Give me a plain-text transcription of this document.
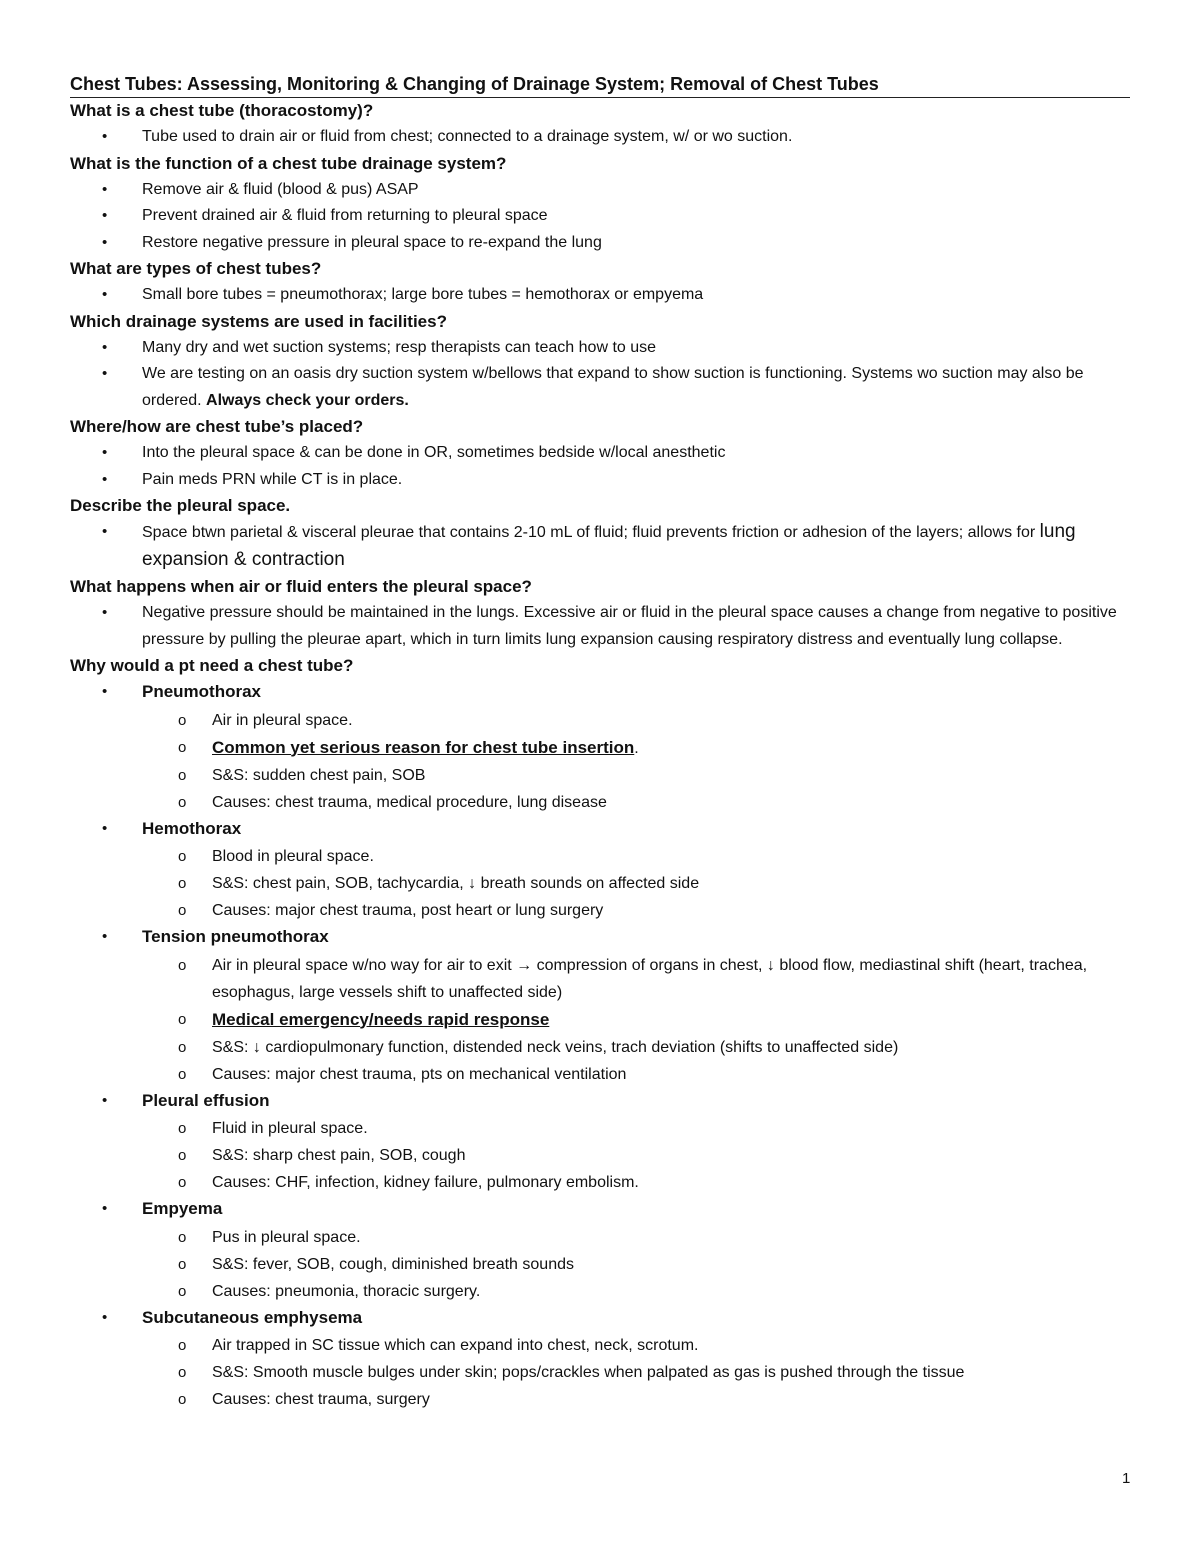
Chest Tubes: Assessing, Monitoring & Changing of Drainage System; Removal of Chest Tubes

What is a chest tube (thoracostomy)?

• Tube used to drain air or fluid from chest; connected to a drainage system, w/ or wo suction.

What is the function of a chest tube drainage system?

• Remove air & fluid (blood & pus) ASAP
• Prevent drained air & fluid from returning to pleural space
• Restore negative pressure in pleural space to re-expand the lung

What are types of chest tubes?

• Small bore tubes = pneumothorax; large bore tubes = hemothorax or empyema

Which drainage systems are used in facilities?

• Many dry and wet suction systems; resp therapists can teach how to use
• We are testing on an oasis dry suction system w/bellows that expand to show suction is functioning. Systems wo suction may also be ordered. Always check your orders.

Where/how are chest tube’s placed?

• Into the pleural space & can be done in OR, sometimes bedside w/local anesthetic
• Pain meds PRN while CT is in place.

Describe the pleural space.

• Space btwn parietal & visceral pleurae that contains 2-10 mL of fluid; fluid prevents friction or adhesion of the layers; allows for lung expansion & contraction

What happens when air or fluid enters the pleural space?

• Negative pressure should be maintained in the lungs. Excessive air or fluid in the pleural space causes a change from negative to positive pressure by pulling the pleurae apart, which in turn limits lung expansion causing respiratory distress and eventually lung collapse.

Why would a pt need a chest tube?

• Pneumothorax
o Air in pleural space.
o Common yet serious reason for chest tube insertion.
o S&S: sudden chest pain, SOB
o Causes: chest trauma, medical procedure, lung disease
• Hemothorax
o Blood in pleural space.
o S&S: chest pain, SOB, tachycardia, ↓ breath sounds on affected side
o Causes: major chest trauma, post heart or lung surgery
• Tension pneumothorax
o Air in pleural space w/no way for air to exit → compression of organs in chest, ↓ blood flow, mediastinal shift (heart, trachea, esophagus, large vessels shift to unaffected side)
o Medical emergency/needs rapid response
o S&S: ↓ cardiopulmonary function, distended neck veins, trach deviation (shifts to unaffected side)
o Causes: major chest trauma, pts on mechanical ventilation
• Pleural effusion
o Fluid in pleural space.
o S&S: sharp chest pain, SOB, cough
o Causes: CHF, infection, kidney failure, pulmonary embolism.
• Empyema
o Pus in pleural space.
o S&S: fever, SOB, cough, diminished breath sounds
o Causes: pneumonia, thoracic surgery.
• Subcutaneous emphysema
o Air trapped in SC tissue which can expand into chest, neck, scrotum.
o S&S: Smooth muscle bulges under skin; pops/crackles when palpated as gas is pushed through the tissue
o Causes: chest trauma, surgery
1
